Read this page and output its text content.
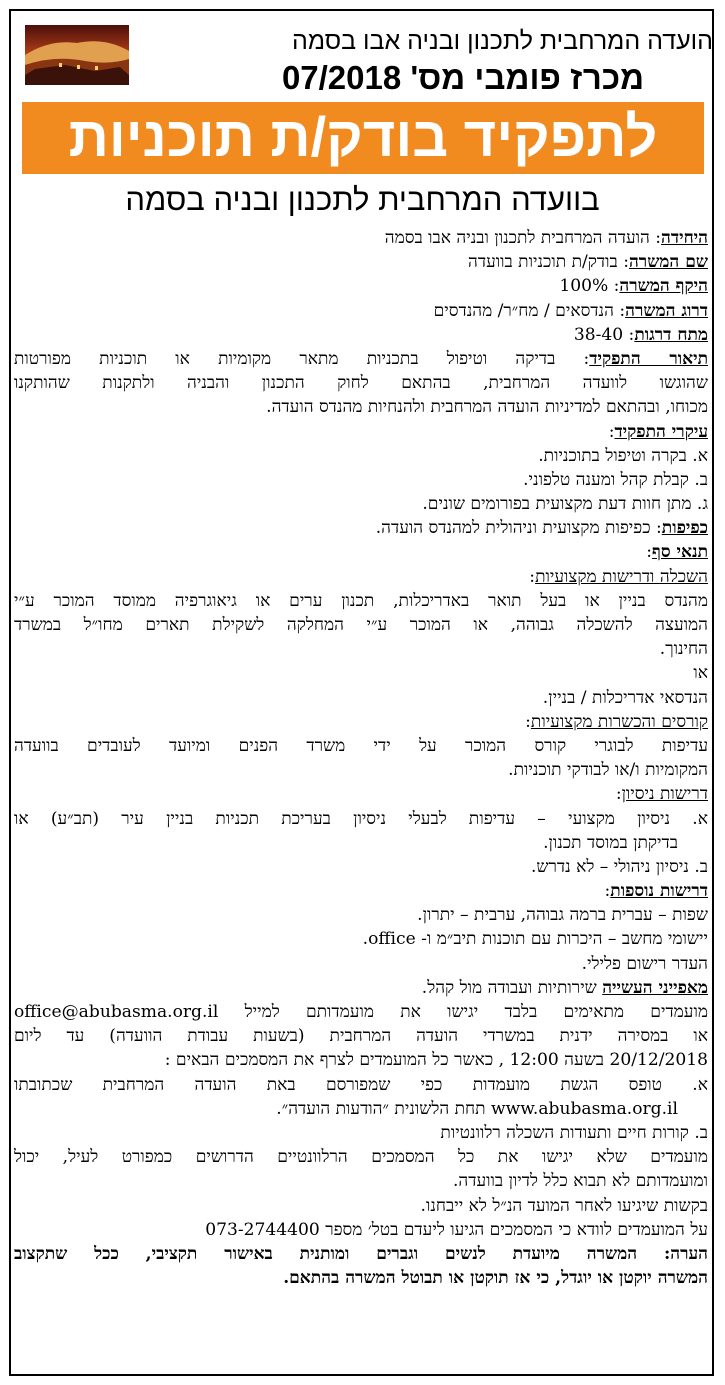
הועדה המרחבית לתכנון ובניה אבו בסמה
מכרז פומבי מס' 07/2018
לתפקיד בודק/ת תוכניות
בוועדה המרחבית לתכנון ובניה בסמה
היחידה: הועדה המרחבית לתכנון ובניה אבו בסמה
שם המשרה: בודק/ת תוכניות בוועדה
היקף המשרה: 100%
דרוג המשרה: הנדסאים / מח״ר/ מהנדסים
מתח דרגות: 38-40
תיאור התפקיד: בדיקה וטיפול בתכניות מתאר מקומיות או תוכניות מפורטות
שהוגשו לוועדה המרחבית, בהתאם לחוק התכנון והבניה ולתקנות שהותקנו
מכוחו, ובהתאם למדיניות הועדה המרחבית ולהנחיות מהנדס הועדה.
עיקרי התפקיד:
א. בקרה וטיפול בתוכניות.
ב. קבלת קהל ומענה טלפוני.
ג. מתן חוות דעת מקצועית בפורומים שונים.
כפיפות: כפיפות מקצועית וניהולית למהנדס הועדה.
תנאי סף:
השכלה ודרישות מקצועיות:
מהנדס בניין או בעל תואר באדריכלות, תכנון ערים או גיאוגרפיה ממוסד המוכר ע״י
המועצה להשכלה גבוהה, או המוכר ע״י המחלקה לשקילת תארים מחו״ל במשרד
החינוך.
או
הנדסאי אדריכלות / בניין.
קורסים והכשרות מקצועיות:
עדיפות לבוגרי קורס המוכר על ידי משרד הפנים ומיועד לעובדים בוועדה
המקומיות ו/או לבודקי תוכניות.
דרישות ניסיון:
א. ניסיון מקצועי – עדיפות לבעלי ניסיון בעריכת תכניות בניין עיר (תב״ע) או
בדיקתן במוסד תכנון.
ב. ניסיון ניהולי – לא נדרש.
דרישות נוספות:
שפות – עברית ברמה גבוהה, ערבית – יתרון.
יישומי מחשב – היכרות עם תוכנות תיב״מ ו- office.
העדר רישום פלילי.
מאפייני העשייה שירותיות ועבודה מול קהל.
מועמדים מתאימים בלבד יגישו את מועמדותם למייל office@abubasma.org.il
או במסירה ידנית במשרדי הועדה המרחבית (בשעות עבודת הוועדה) עד ליום
20/12/2018 בשעה 12:00 , כאשר כל המועמדים לצרף את המסמכים הבאים :
א. טופס הגשת מועמדות כפי שמפורסם באת הועדה המרחבית שכתובתו
www.abubasma.org.il תחת הלשונית ״הודעות הועדה״.
ב. קורות חיים ותעודות השכלה רלוונטיות
מועמדים שלא יגישו את כל המסמכים הרלוונטיים הדרושים כמפורט לעיל, יכול
ומועמדותם לא תבוא כלל לדיון בוועדה.
בקשות שיגיעו לאחר המועד הנ״ל לא ייבחנו.
על המועמדים לוודא כי המסמכים הגיעו ליעדם בטל׳ מספר 073-2744400
הערה: המשרה מיועדת לנשים וגברים ומותנית באישור תקציבי, ככל שתקצוב
המשרה יוקטן או יוגדל, כי אז תוקטן או תבוטל המשרה בהתאם.
